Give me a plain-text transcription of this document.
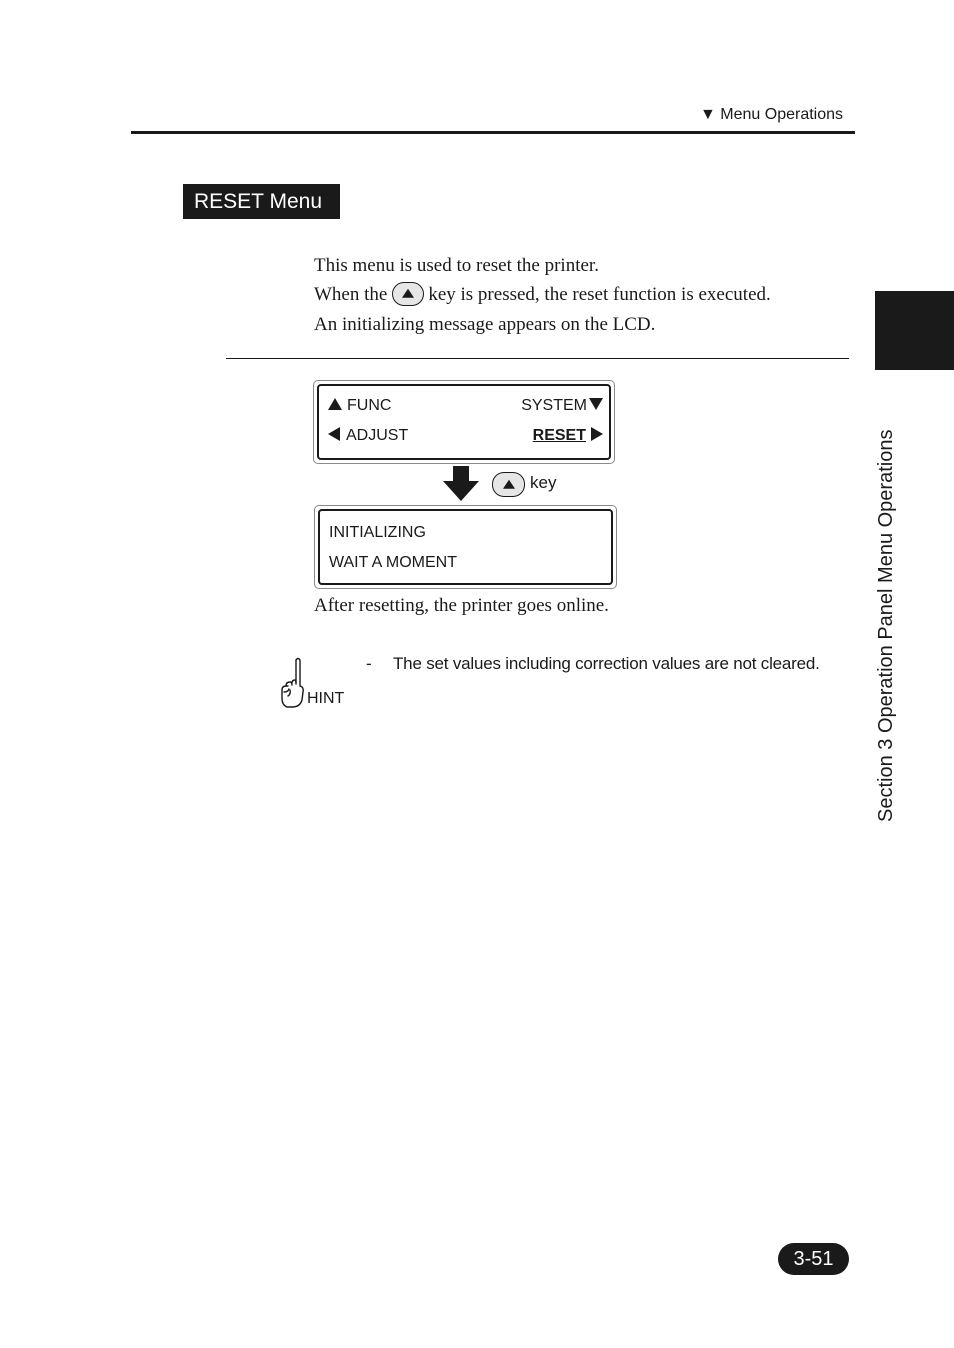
▼ Menu Operations
RESET Menu
This menu is used to reset the printer.
When the key is pressed, the reset function is executed.
An initializing message appears on the LCD.
FUNC	SYSTEM
ADJUST	RESET
key
INITIALIZING
WAIT A MOMENT
After resetting, the printer goes online.
HINT
- The set values including correction values are not cleared.	Section 3 Operation Panel Menu Operations
3-51
